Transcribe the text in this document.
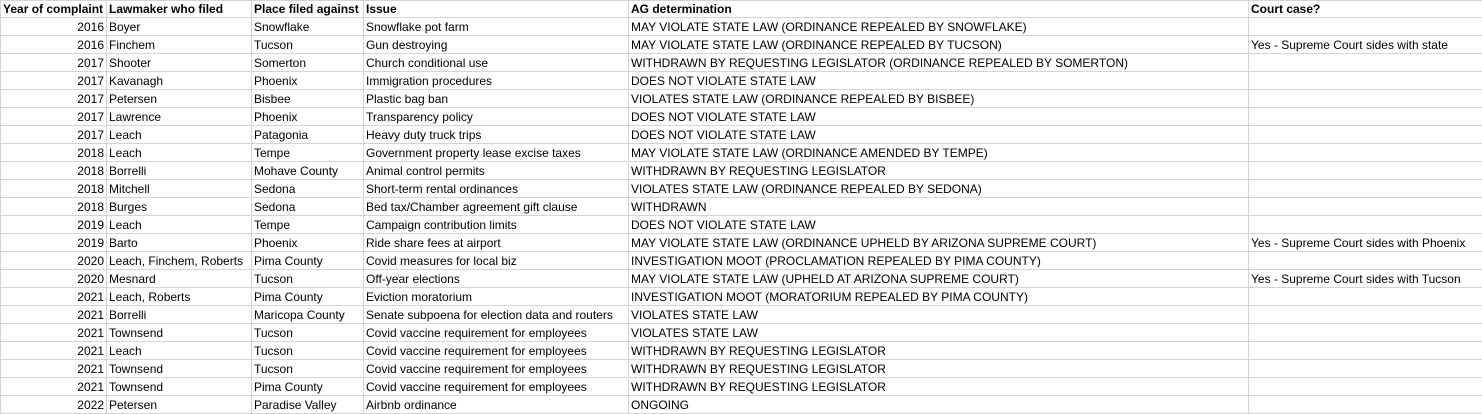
Year of complaint	Lawmaker who filed	Place filed against	Issue	AG determination	Court case?
2016	Boyer	Snowflake	Snowflake pot farm	MAY VIOLATE STATE LAW (ORDINANCE REPEALED BY SNOWFLAKE)	
2016	Finchem	Tucson	Gun destroying	MAY VIOLATE STATE LAW (ORDINANCE REPEALED BY TUCSON)	Yes - Supreme Court sides with state
2017	Shooter	Somerton	Church conditional use	WITHDRAWN BY REQUESTING LEGISLATOR (ORDINANCE REPEALED BY SOMERTON)	
2017	Kavanagh	Phoenix	Immigration procedures	DOES NOT VIOLATE STATE LAW	
2017	Petersen	Bisbee	Plastic bag ban	VIOLATES STATE LAW (ORDINANCE REPEALED BY BISBEE)	
2017	Lawrence	Phoenix	Transparency policy	DOES NOT VIOLATE STATE LAW	
2017	Leach	Patagonia	Heavy duty truck trips	DOES NOT VIOLATE STATE LAW	
2018	Leach	Tempe	Government property lease excise taxes	MAY VIOLATE STATE LAW (ORDINANCE AMENDED BY TEMPE)	
2018	Borrelli	Mohave County	Animal control permits	WITHDRAWN BY REQUESTING LEGISLATOR	
2018	Mitchell	Sedona	Short-term rental ordinances	VIOLATES STATE LAW (ORDINANCE REPEALED BY SEDONA)	
2018	Burges	Sedona	Bed tax/Chamber agreement gift clause	WITHDRAWN	
2019	Leach	Tempe	Campaign contribution limits	DOES NOT VIOLATE STATE LAW	
2019	Barto	Phoenix	Ride share fees at airport	MAY VIOLATE STATE LAW (ORDINANCE UPHELD BY ARIZONA SUPREME COURT)	Yes - Supreme Court sides with Phoenix
2020	Leach, Finchem, Roberts	Pima County	Covid measures for local biz	INVESTIGATION MOOT (PROCLAMATION REPEALED BY PIMA COUNTY)	
2020	Mesnard	Tucson	Off-year elections	MAY VIOLATE STATE LAW (UPHELD AT ARIZONA SUPREME COURT)	Yes - Supreme Court sides with Tucson
2021	Leach, Roberts	Pima County	Eviction moratorium	INVESTIGATION MOOT (MORATORIUM REPEALED BY PIMA COUNTY)	
2021	Borrelli	Maricopa County	Senate subpoena for election data and routers	VIOLATES STATE LAW	
2021	Townsend	Tucson	Covid vaccine requirement for employees	VIOLATES STATE LAW	
2021	Leach	Tucson	Covid vaccine requirement for employees	WITHDRAWN BY REQUESTING LEGISLATOR	
2021	Townsend	Tucson	Covid vaccine requirement for employees	WITHDRAWN BY REQUESTING LEGISLATOR	
2021	Townsend	Pima County	Covid vaccine requirement for employees	WITHDRAWN BY REQUESTING LEGISLATOR	
2022	Petersen	Paradise Valley	Airbnb ordinance	ONGOING	
